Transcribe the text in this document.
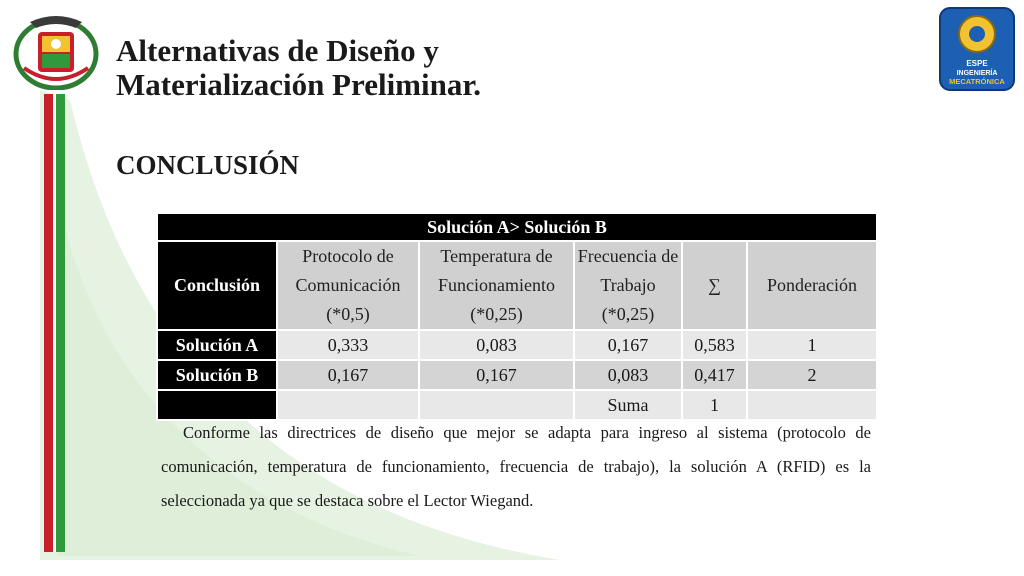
ESPE
INGENIERÍA
MECATRÓNICA
Alternativas de Diseño y
Materialización Preliminar.
CONCLUSIÓN
Solución A> Solución B					
Conclusión	Protocolo de Comunicación (*0,5)	Temperatura de Funcionamiento (*0,25)	Frecuencia de Trabajo (*0,25)	∑	Ponderación
Solución A	0,333	0,083	0,167	0,583	1
Solución B	0,167	0,167	0,083	0,417	2
			Suma	1	
Conforme las directrices de diseño que mejor se adapta para ingreso al sistema (protocolo de comunicación, temperatura de funcionamiento, frecuencia de trabajo), la solución A (RFID) es la seleccionada ya que se destaca sobre el Lector Wiegand.
